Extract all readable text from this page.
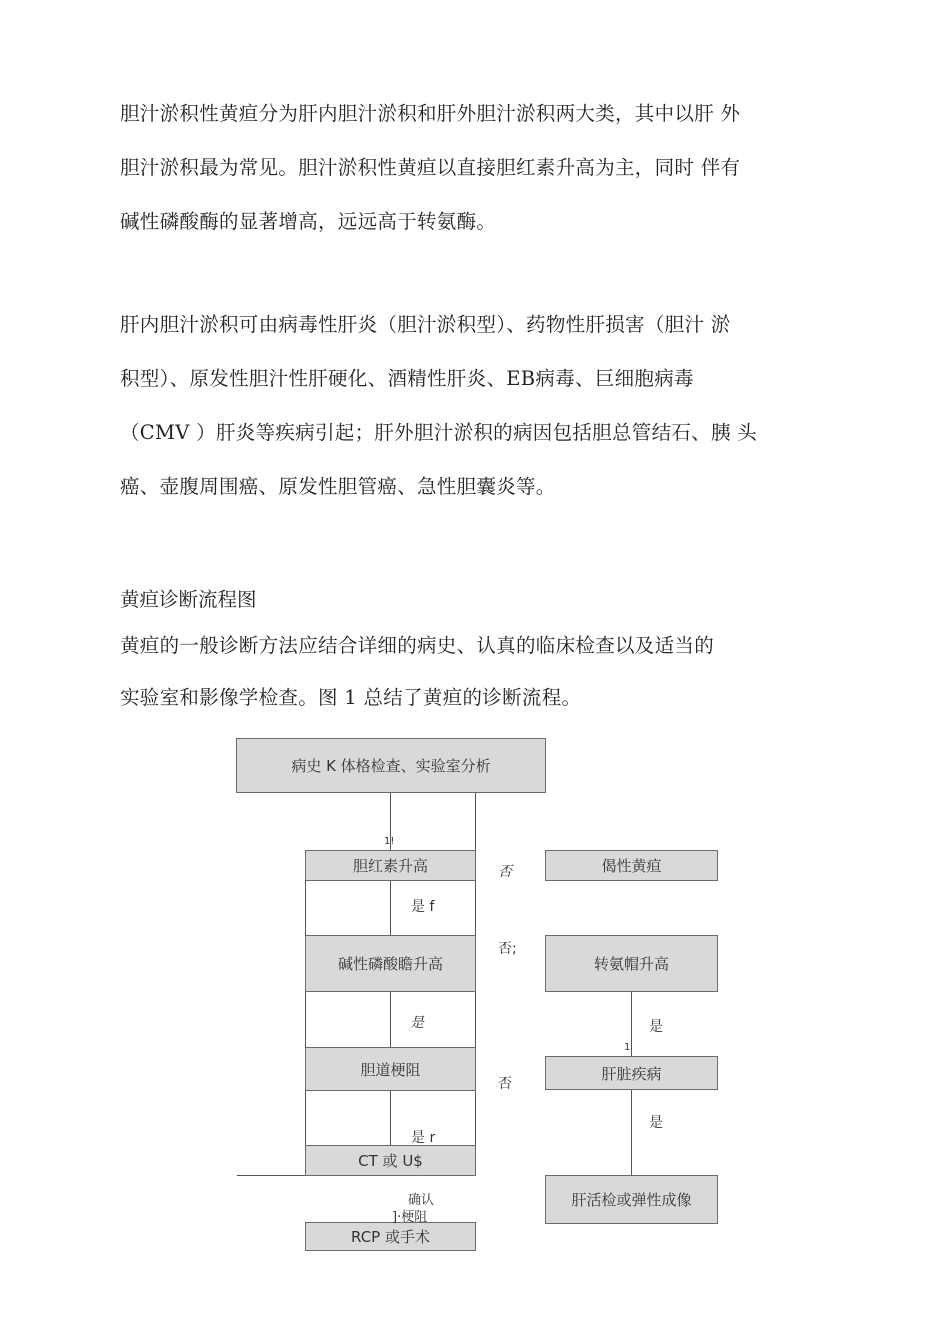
胆汁淤积性黄疸分为肝内胆汁淤积和肝外胆汁淤积两大类，其中以肝 外
胆汁淤积最为常见。胆汁淤积性黄疸以直接胆红素升高为主，同时 伴有
碱性磷酸酶的显著增高，远远高于转氨酶。
肝内胆汁淤积可由病毒性肝炎（胆汁淤积型）、药物性肝损害（胆汁 淤
积型）、原发性胆汁性肝硬化、酒精性肝炎、EB病毒、巨细胞病毒
（CMV ）肝炎等疾病引起；肝外胆汁淤积的病因包括胆总管结石、胰 头
癌、壶腹周围癌、原发性胆管癌、急性胆囊炎等。
黄疸诊断流程图
黄疸的一般诊断方法应结合详细的病史、认真的临床检查以及适当的
实验室和影像学检查。图 1 总结了黄疸的诊断流程。
病史 K 体格检查、实验室分析
胆红素升高	偈性黄疸
碱性磷酸瞻升高	转氨帽升高
胆道梗阻	肝脏疾病
CT 或 U$
肝活检或弹性成像
RCP 或手术
1!
否
是 f
否;
是	是
1
否
是 r
是
确认
]·梗阻
